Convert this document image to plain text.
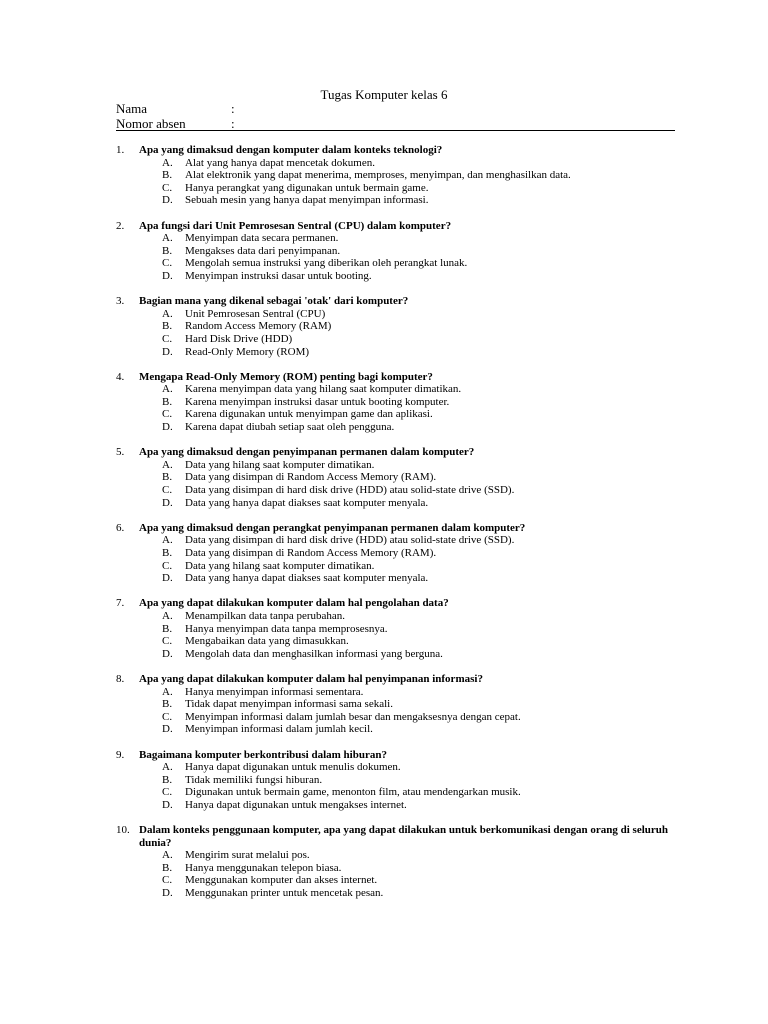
Tugas Komputer kelas 6
Nama	:
Nomor absen	:
1.	Apa yang dimaksud dengan komputer dalam konteks teknologi?
A.	Alat yang hanya dapat mencetak dokumen.
B.	Alat elektronik yang dapat menerima, memproses, menyimpan, dan menghasilkan data.
C.	Hanya perangkat yang digunakan untuk bermain game.
D.	Sebuah mesin yang hanya dapat menyimpan informasi.
2.	Apa fungsi dari Unit Pemrosesan Sentral (CPU) dalam komputer?
A.	Menyimpan data secara permanen.
B.	Mengakses data dari penyimpanan.
C.	Mengolah semua instruksi yang diberikan oleh perangkat lunak.
D.	Menyimpan instruksi dasar untuk booting.
3.	Bagian mana yang dikenal sebagai 'otak' dari komputer?
A.	Unit Pemrosesan Sentral (CPU)
B.	Random Access Memory (RAM)
C.	Hard Disk Drive (HDD)
D.	Read-Only Memory (ROM)
4.	Mengapa Read-Only Memory (ROM) penting bagi komputer?
A.	Karena menyimpan data yang hilang saat komputer dimatikan.
B.	Karena menyimpan instruksi dasar untuk booting komputer.
C.	Karena digunakan untuk menyimpan game dan aplikasi.
D.	Karena dapat diubah setiap saat oleh pengguna.
5.	Apa yang dimaksud dengan penyimpanan permanen dalam komputer?
A.	Data yang hilang saat komputer dimatikan.
B.	Data yang disimpan di Random Access Memory (RAM).
C.	Data yang disimpan di hard disk drive (HDD) atau solid-state drive (SSD).
D.	Data yang hanya dapat diakses saat komputer menyala.
6.	Apa yang dimaksud dengan perangkat penyimpanan permanen dalam komputer?
A.	Data yang disimpan di hard disk drive (HDD) atau solid-state drive (SSD).
B.	Data yang disimpan di Random Access Memory (RAM).
C.	Data yang hilang saat komputer dimatikan.
D.	Data yang hanya dapat diakses saat komputer menyala.
7.	Apa yang dapat dilakukan komputer dalam hal pengolahan data?
A.	Menampilkan data tanpa perubahan.
B.	Hanya menyimpan data tanpa memprosesnya.
C.	Mengabaikan data yang dimasukkan.
D.	Mengolah data dan menghasilkan informasi yang berguna.
8.	Apa yang dapat dilakukan komputer dalam hal penyimpanan informasi?
A.	Hanya menyimpan informasi sementara.
B.	Tidak dapat menyimpan informasi sama sekali.
C.	Menyimpan informasi dalam jumlah besar dan mengaksesnya dengan cepat.
D.	Menyimpan informasi dalam jumlah kecil.
9.	Bagaimana komputer berkontribusi dalam hiburan?
A.	Hanya dapat digunakan untuk menulis dokumen.
B.	Tidak memiliki fungsi hiburan.
C.	Digunakan untuk bermain game, menonton film, atau mendengarkan musik.
D.	Hanya dapat digunakan untuk mengakses internet.
10. Dalam konteks penggunaan komputer, apa yang dapat dilakukan untuk berkomunikasi dengan orang di seluruh dunia?
A.	Mengirim surat melalui pos.
B.	Hanya menggunakan telepon biasa.
C.	Menggunakan komputer dan akses internet.
D.	Menggunakan printer untuk mencetak pesan.
